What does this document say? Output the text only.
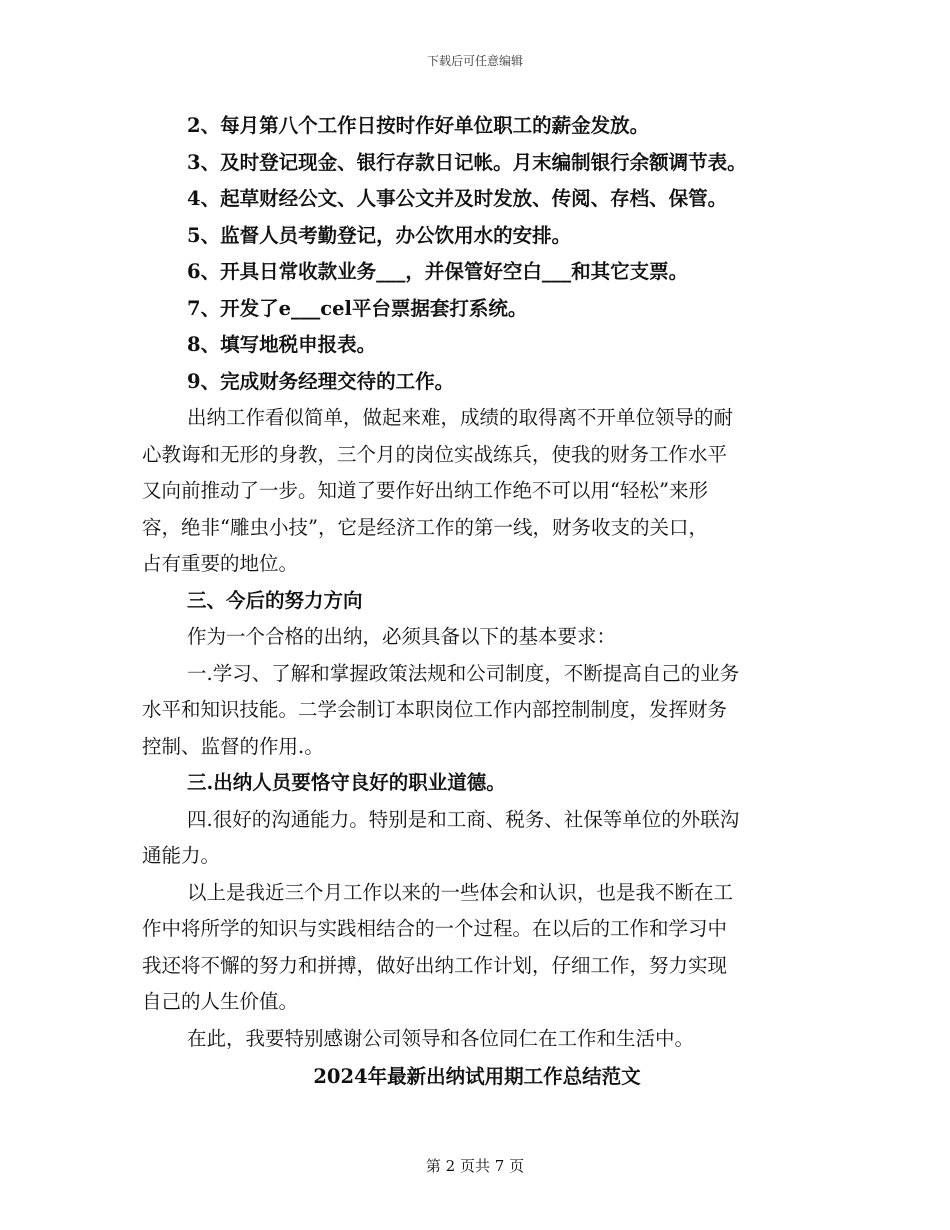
下载后可任意编辑
2、每月第八个工作日按时作好单位职工的薪金发放。
3、及时登记现金、银行存款日记帐。月末编制银行余额调节表。
4、起草财经公文、人事公文并及时发放、传阅、存档、保管。
5、监督人员考勤登记，办公饮用水的安排。
6、开具日常收款业务___，并保管好空白___和其它支票。
7、开发了e___cel平台票据套打系统。
8、填写地税申报表。
9、完成财务经理交待的工作。
出纳工作看似简单，做起来难，成绩的取得离不开单位领导的耐
心教诲和无形的身教，三个月的岗位实战练兵，使我的财务工作水平
又向前推动了一步。知道了要作好出纳工作绝不可以用“轻松”来形
容，绝非“雕虫小技”，它是经济工作的第一线，财务收支的关口，
占有重要的地位。
三、今后的努力方向
作为一个合格的出纳，必须具备以下的基本要求：
一.学习、了解和掌握政策法规和公司制度，不断提高自己的业务
水平和知识技能。二学会制订本职岗位工作内部控制制度，发挥财务
控制、监督的作用.。
三.出纳人员要恪守良好的职业道德。
四.很好的沟通能力。特别是和工商、税务、社保等单位的外联沟
通能力。
以上是我近三个月工作以来的一些体会和认识，也是我不断在工
作中将所学的知识与实践相结合的一个过程。在以后的工作和学习中
我还将不懈的努力和拼搏，做好出纳工作计划，仔细工作，努力实现
自己的人生价值。
在此，我要特别感谢公司领导和各位同仁在工作和生活中。
2024年最新出纳试用期工作总结范文
第 2 页共 7 页
